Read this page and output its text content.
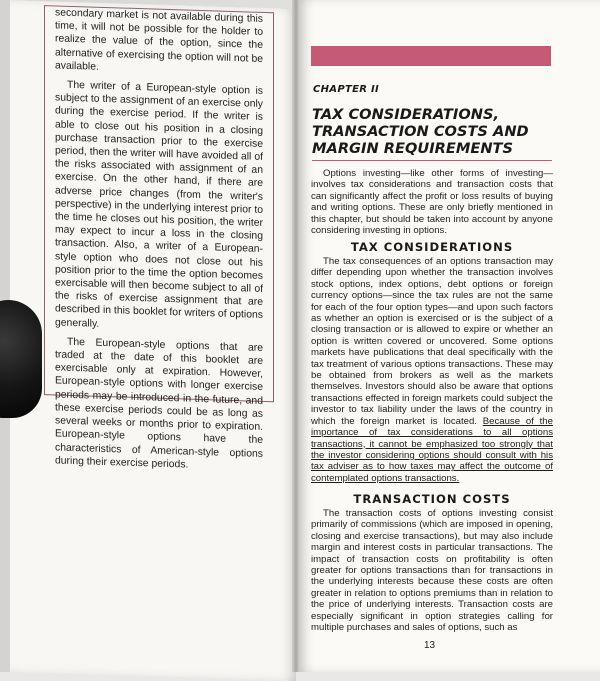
secondary market is not available during this time, it will not be possible for the holder to realize the value of the option, since the alternative of exercising the option will not be available.

The writer of a European-style option is subject to the assignment of an exercise only during the exercise period. If the writer is able to close out his position in a closing purchase transaction prior to the exercise period, then the writer will have avoided all of the risks associated with assignment of an exercise. On the other hand, if there are adverse price changes (from the writer's perspective) in the underlying interest prior to the time he closes out his position, the writer may expect to incur a loss in the closing transaction. Also, a writer of a European-style option who does not close out his position prior to the time the option becomes exercisable will then become subject to all of the risks of exercise assignment that are described in this booklet for writers of options generally.

The European-style options that are traded at the date of this booklet are exercisable only at expiration. However, European-style options with longer exercise periods may be introduced in the future, and these exercise periods could be as long as several weeks or months prior to expiration. European-style options have the characteristics of American-style options during their exercise periods.

CHAPTER II
TAX CONSIDERATIONS, TRANSACTION COSTS AND MARGIN REQUIREMENTS
Options investing—like other forms of investing—involves tax considerations and transaction costs that can significantly affect the profit or loss results of buying and writing options. These are only briefly mentioned in this chapter, but should be taken into account by anyone considering investing in options.
TAX CONSIDERATIONS
The tax consequences of an options transaction may differ depending upon whether the transaction involves stock options, index options, debt options or foreign currency options—since the tax rules are not the same for each of the four option types—and upon such factors as whether an option is exercised or is the subject of a closing transaction or is allowed to expire or whether an option is written covered or uncovered. Some options markets have publications that deal specifically with the tax treatment of various options transactions. These may be obtained from brokers as well as the markets themselves. Investors should also be aware that options transactions effected in foreign markets could subject the investor to tax liability under the laws of the country in which the foreign market is located. Because of the importance of tax considerations to all options transactions, it cannot be emphasized too strongly that the investor considering options should consult with his tax adviser as to how taxes may affect the outcome of contemplated options transactions.
TRANSACTION COSTS
The transaction costs of options investing consist primarily of commissions (which are imposed in opening, closing and exercise transactions), but may also include margin and interest costs in particular transactions. The impact of transaction costs on profitability is often greater for options transactions than for transactions in the underlying interests because these costs are often greater in relation to options premiums than in relation to the price of underlying interests. Transaction costs are especially significant in option strategies calling for multiple purchases and sales of options, such as
13
